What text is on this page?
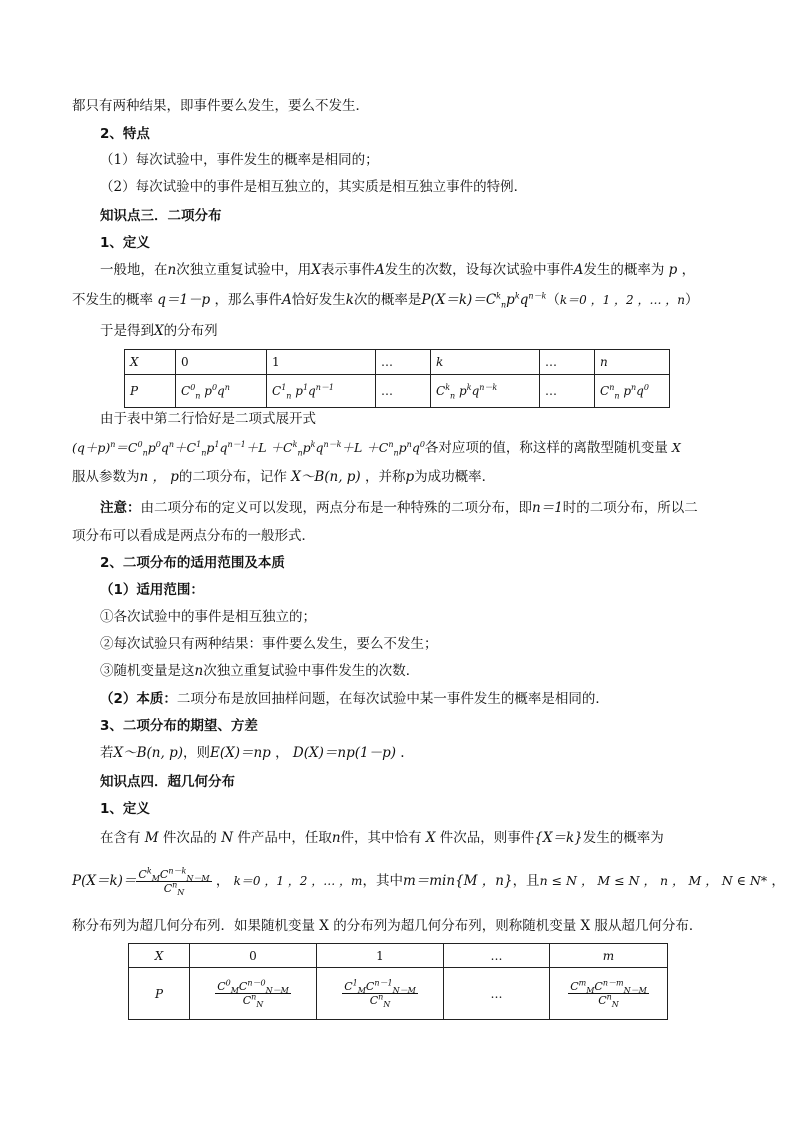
都只有两种结果，即事件要么发生，要么不发生．
2、特点
（1）每次试验中，事件发生的概率是相同的；
（2）每次试验中的事件是相互独立的，其实质是相互独立事件的特例．
知识点三．二项分布
1、定义
一般地，在n次独立重复试验中，用X表示事件A发生的次数，设每次试验中事件A发生的概率为 p ，
不发生的概率 q＝1－p ，那么事件A恰好发生k次的概率是$P(X=k)=C^k_np^kq^{n-k}(k=0$ ，1 ，2 ，… ，n）
于是得到X的分布列
X	0	1	…	k	…	n
P	$C^0_n$ $p^0q^n$	$C^1_n$ $p^1q^{n-1}$	…	$C^k_n$ $p^kq^{n-k}$	…	$C^n_n$ $p^nq^0$
由于表中第二行恰好是二项式展开式
$(q+p)^n=C^0_np^0q^n+C^1_np^1q^{n-1}+L +C^k_np^kq^{n-k}+L +C^n_np^nq^0$各对应项的值，称这样的离散型随机变量 X
服从参数为n ， p的二项分布，记作 X～B(n, p) ，并称p为成功概率．
注意：由二项分布的定义可以发现，两点分布是一种特殊的二项分布，即n＝1时的二项分布，所以二
项分布可以看成是两点分布的一般形式．
2、二项分布的适用范围及本质
（1）适用范围：
①各次试验中的事件是相互独立的；
②每次试验只有两种结果：事件要么发生，要么不发生；
③随机变量是这n次独立重复试验中事件发生的次数．
（2）本质：二项分布是放回抽样问题，在每次试验中某一事件发生的概率是相同的．
3、二项分布的期望、方差
若X～B(n, p)，则E(X)＝np ， D(X)＝np(1－p) .
知识点四．超几何分布
1、定义
在含有 M 件次品的 N 件产品中，任取n件，其中恰有 X 件次品，则事件{X＝k}发生的概率为
$P(X=k)= \frac{C^k_MC^{n-k}_{N-M}}{C^n_N}$ ， k＝0 ，1 ，2 ，… ，m，其中m＝min{M ，n}，且n ≤ N ， M ≤ N ， n ， M ， N ∈ N* ，
称分布列为超几何分布列．如果随机变量 X 的分布列为超几何分布列，则称随机变量 X 服从超几何分布．
X	0	1	…	m
P	$\frac{C^0_MC^{n-0}_{N-M}}{C^n_N}$	$\frac{C^1_MC^{n-1}_{N-M}}{C^n_N}$	…	$\frac{C^m_MC^{n-m}_{N-M}}{C^n_N}$
